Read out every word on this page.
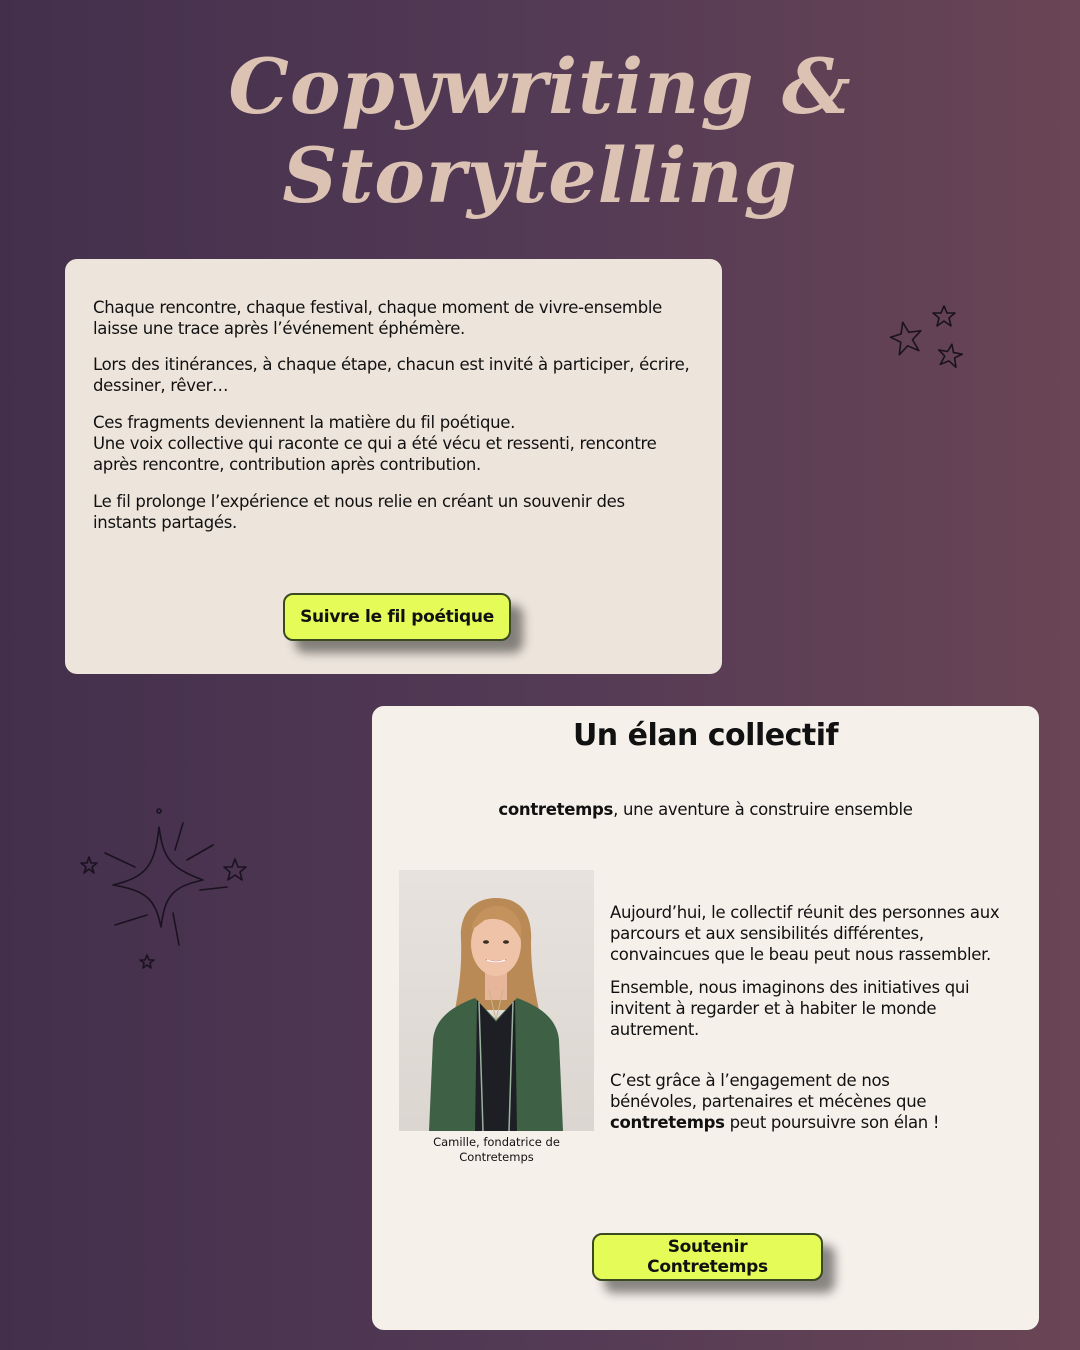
Copywriting & Storytelling

Chaque rencontre, chaque festival, chaque moment de vivre-ensemble laisse une trace après l’événement éphémère.

Lors des itinérances, à chaque étape, chacun est invité à participer, écrire, dessiner, rêver…

Ces fragments deviennent la matière du fil poétique.
Une voix collective qui raconte ce qui a été vécu et ressenti, rencontre après rencontre, contribution après contribution.

Le fil prolonge l’expérience et nous relie en créant un souvenir des instants partagés.

Suivre le fil poétique
Un élan collectif

contretemps, une aventure à construire ensemble

Camille, fondatrice de Contretemps

Aujourd’hui, le collectif réunit des personnes aux parcours et aux sensibilités différentes, convaincues que le beau peut nous rassembler.

Ensemble, nous imaginons des initiatives qui invitent à regarder et à habiter le monde autrement.

C’est grâce à l’engagement de nos bénévoles, partenaires et mécènes que contretemps peut poursuivre son élan !

Soutenir Contretemps
